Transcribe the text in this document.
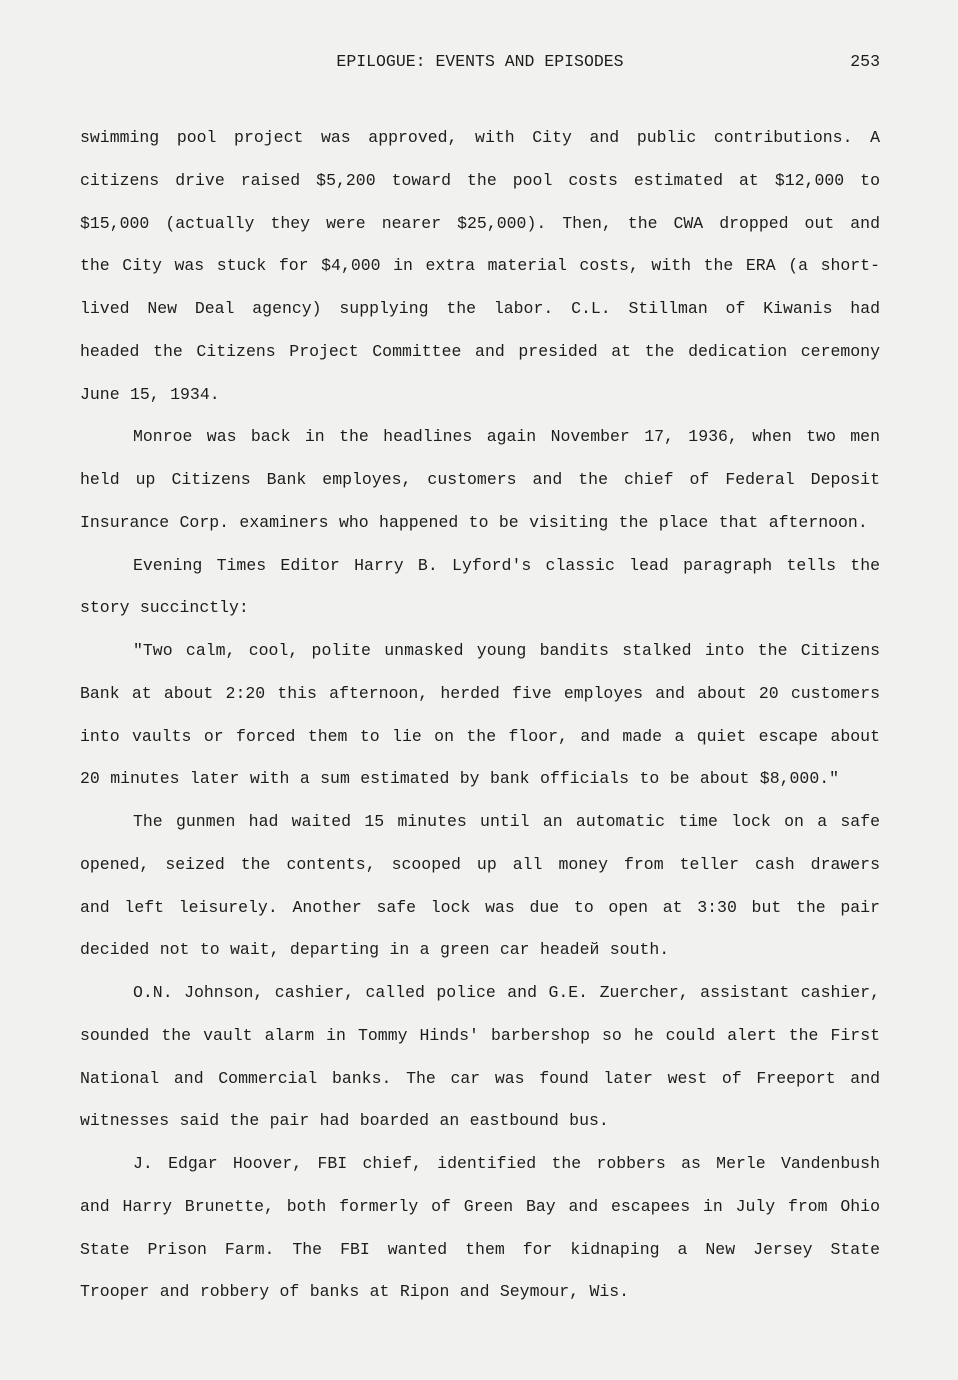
EPILOGUE: EVENTS AND EPISODES	253
swimming pool project was approved, with City and public contributions. A
citizens drive raised $5,200 toward the pool costs estimated at $12,000 to
$15,000 (actually they were nearer $25,000). Then, the CWA dropped out and
the City was stuck for $4,000 in extra material costs, with the ERA (a short-
lived New Deal agency) supplying the labor. C.L. Stillman of Kiwanis had
headed the Citizens Project Committee and presided at the dedication ceremony
June 15, 1934.
Monroe was back in the headlines again November 17, 1936, when two men
held up Citizens Bank employes, customers and the chief of Federal Deposit
Insurance Corp. examiners who happened to be visiting the place that afternoon.
Evening Times Editor Harry B. Lyford's classic lead paragraph tells the
story succinctly:
"Two calm, cool, polite unmasked young bandits stalked into the Citizens
Bank at about 2:20 this afternoon, herded five employes and about 20 customers
into vaults or forced them to lie on the floor, and made a quiet escape about
20 minutes later with a sum estimated by bank officials to be about $8,000."
The gunmen had waited 15 minutes until an automatic time lock on a safe
opened, seized the contents, scooped up all money from teller cash drawers
and left leisurely. Another safe lock was due to open at 3:30 but the pair
decided not to wait, departing in a green car headeй south.
O.N. Johnson, cashier, called police and G.E. Zuercher, assistant cashier,
sounded the vault alarm in Tommy Hinds' barbershop so he could alert the First
National and Commercial banks. The car was found later west of Freeport and
witnesses said the pair had boarded an eastbound bus.
J. Edgar Hoover, FBI chief, identified the robbers as Merle Vandenbush
and Harry Brunette, both formerly of Green Bay and escapees in July from Ohio
State Prison Farm. The FBI wanted them for kidnaping a New Jersey State
Trooper and robbery of banks at Ripon and Seymour, Wis.
